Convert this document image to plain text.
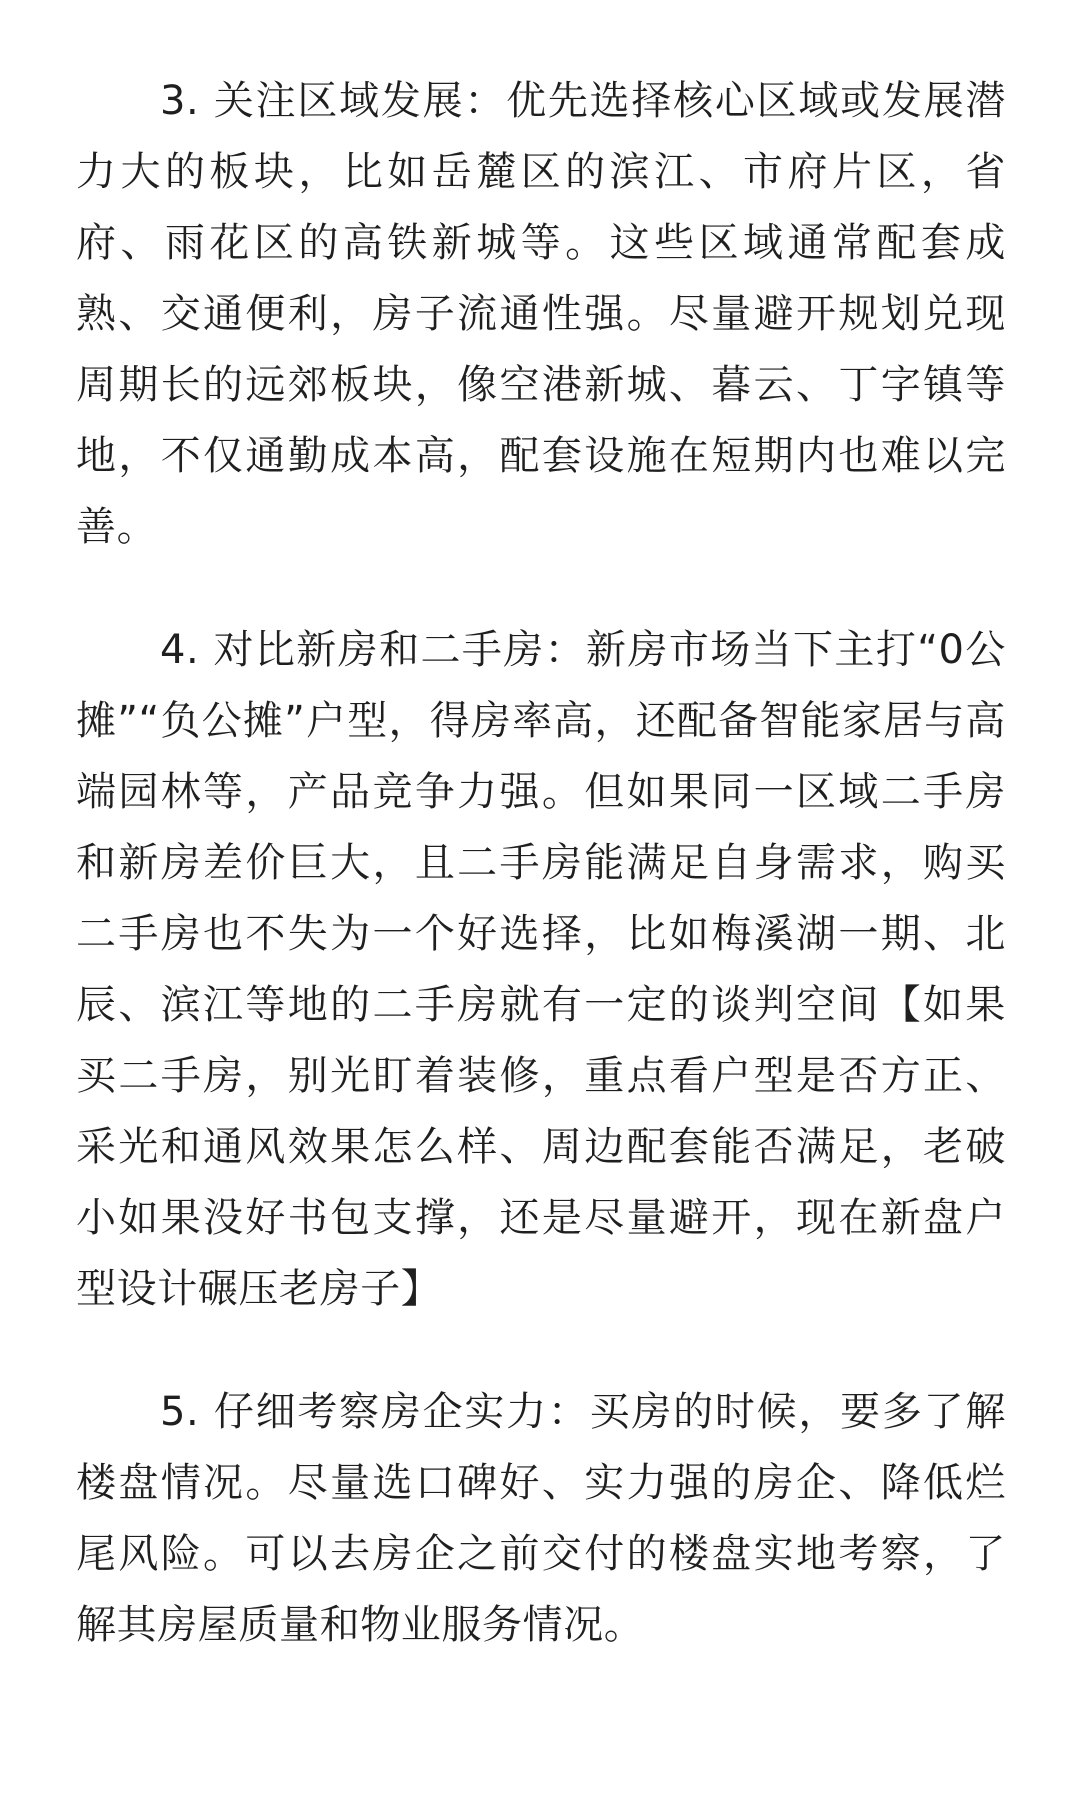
3. 关注区域发展：优先选择核心区域或发展潜力大的板块，比如岳麓区的滨江、市府片区，省府、雨花区的高铁新城等。这些区域通常配套成熟、交通便利，房子流通性强。尽量避开规划兑现周期长的远郊板块，像空港新城、暮云、丁字镇等地，不仅通勤成本高，配套设施在短期内也难以完善。

4. 对比新房和二手房：新房市场当下主打“0公摊”“负公摊”户型，得房率高，还配备智能家居与高端园林等，产品竞争力强。但如果同一区域二手房和新房差价巨大，且二手房能满足自身需求，购买二手房也不失为一个好选择，比如梅溪湖一期、北辰、滨江等地的二手房就有一定的谈判空间【如果买二手房，别光盯着装修，重点看户型是否方正、采光和通风效果怎么样、周边配套能否满足，老破小如果没好书包支撑，还是尽量避开，现在新盘户型设计碾压老房子】

5. 仔细考察房企实力：买房的时候，要多了解楼盘情况。尽量选口碑好、实力强的房企、降低烂尾风险。可以去房企之前交付的楼盘实地考察，了解其房屋质量和物业服务情况。
